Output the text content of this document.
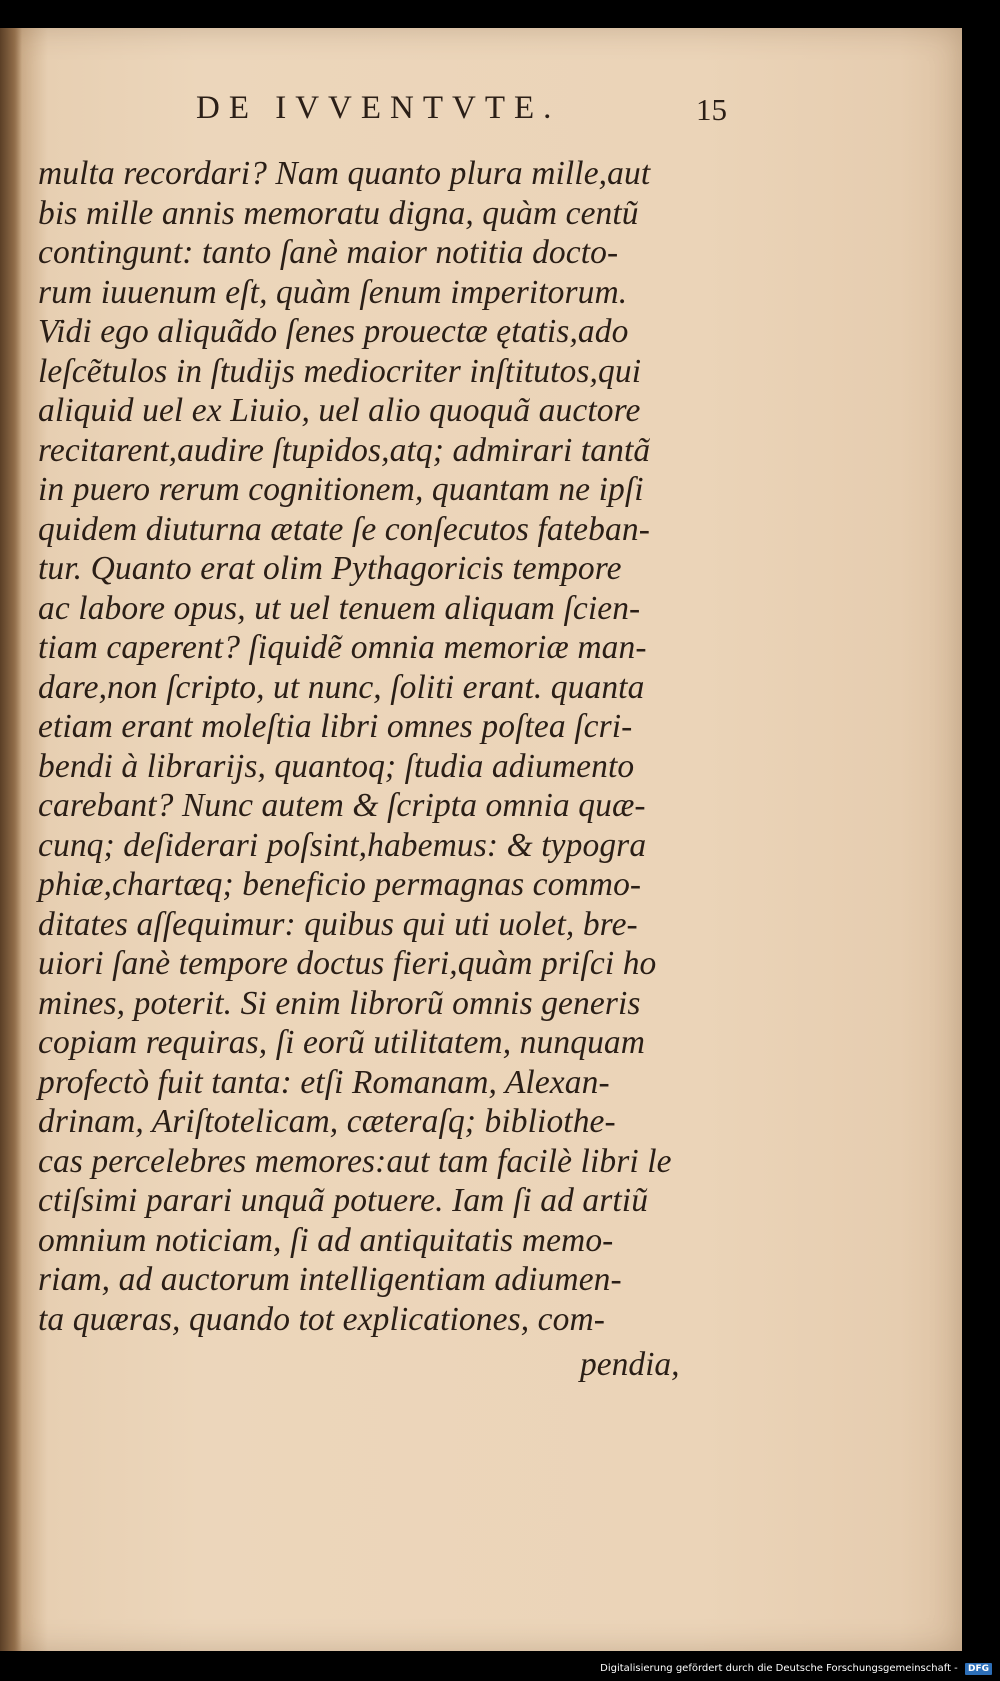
DE IVVENTVTE.	15
multa recordari? Nam quanto plura mille,aut
bis mille annis memoratu digna, quàm centũ
contingunt: tanto ſanè maior notitia docto-
rum iuuenum eſt, quàm ſenum imperitorum.
Vidi ego aliquãdo ſenes prouectæ ętatis,ado
leſcẽtulos in ſtudijs mediocriter inſtitutos,qui
aliquid uel ex Liuio, uel alio quoquã auctore
recitarent,audire ſtupidos,atq; admirari tantã
in puero rerum cognitionem, quantam ne ipſi
quidem diuturna ætate ſe conſecutos fateban-
tur. Quanto erat olim Pythagoricis tempore
ac labore opus, ut uel tenuem aliquam ſcien-
tiam caperent? ſiquidẽ omnia memoriæ man-
dare,non ſcripto, ut nunc, ſoliti erant. quanta
etiam erant moleſtia libri omnes poſtea ſcri-
bendi à librarijs, quantoq; ſtudia adiumento
carebant? Nunc autem & ſcripta omnia quæ-
cunq; deſiderari poſsint,habemus: & typogra
phiæ,chartæq; beneficio permagnas commo-
ditates aſſequimur: quibus qui uti uolet, bre-
uiori ſanè tempore doctus fieri,quàm priſci ho
mines, poterit. Si enim librorũ omnis generis
copiam requiras, ſi eorũ utilitatem, nunquam
profectò fuit tanta: etſi Romanam, Alexan-
drinam, Ariſtotelicam, cæteraſq; bibliothe-
cas percelebres memores:aut tam facilè libri le
ctiſsimi parari unquã potuere. Iam ſi ad artiũ
omnium noticiam, ſi ad antiquitatis memo-
riam, ad auctorum intelligentiam adiumen-
ta quæras, quando tot explicationes, com-
pendia,
Digitalisierung gefördert durch die Deutsche Forschungsgemeinschaft - DFG
